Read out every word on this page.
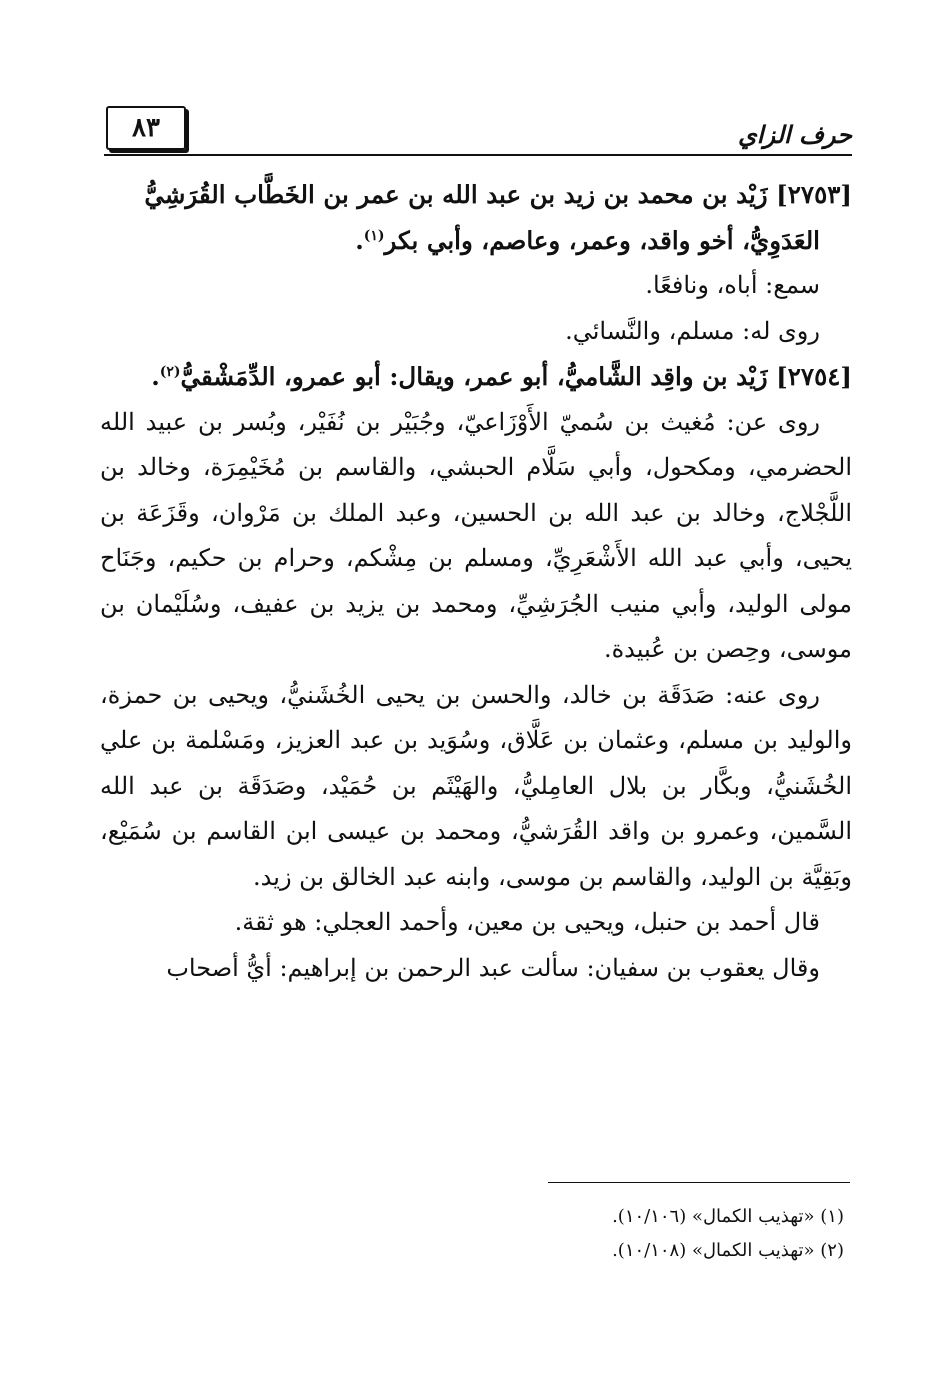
٨٣	حرف الزاي

[٢٧٥٣] زَيْد بن محمد بن زيد بن عبد الله بن عمر بن الخَطَّاب القُرَشِيُّ

العَدَوِيُّ، أخو واقد، وعمر، وعاصم، وأبي بكر$^{(١)}$.

سمع: أباه، ونافعًا.

روى له: مسلم، والنَّسائي.

[٢٧٥٤] زَيْد بن واقِد الشَّاميُّ، أبو عمر، ويقال: أبو عمرو، الدِّمَشْقيُّ$^{(٢)}$.

روى عن: مُغيث بن سُميّ الأَوْزَاعيّ، وجُبَيْر بن نُفَيْر، وبُسر بن عبيد الله الحضرمي، ومكحول، وأبي سَلَّام الحبشي، والقاسم بن مُخَيْمِرَة، وخالد بن اللَّجْلاج، وخالد بن عبد الله بن الحسين، وعبد الملك بن مَرْوان، وقَزَعَة بن يحيى، وأبي عبد الله الأَشْعَرِيِّ، ومسلم بن مِشْكم، وحرام بن حكيم، وجَنَاح مولى الوليد، وأبي منيب الجُرَشِيِّ، ومحمد بن يزيد بن عفيف، وسُلَيْمان بن موسى، وحِصن بن عُبيدة.

روى عنه: صَدَقَة بن خالد، والحسن بن يحيى الخُشَنيُّ، ويحيى بن حمزة، والوليد بن مسلم، وعثمان بن عَلَّاق، وسُوَيد بن عبد العزيز، ومَسْلمة بن علي الخُشَنيُّ، وبكَّار بن بلال العامِليُّ، والهَيْثَم بن حُمَيْد، وصَدَقَة بن عبد الله السَّمين، وعمرو بن واقد القُرَشيُّ، ومحمد بن عيسى ابن القاسم بن سُمَيْع، وبَقِيَّة بن الوليد، والقاسم بن موسى، وابنه عبد الخالق بن زيد.

قال أحمد بن حنبل، ويحيى بن معين، وأحمد العجلي: هو ثقة.

وقال يعقوب بن سفيان: سألت عبد الرحمن بن إبراهيم: أيُّ أصحاب

(١) «تهذيب الكمال» (١٠/١٠٦).

(٢) «تهذيب الكمال» (١٠/١٠٨).
